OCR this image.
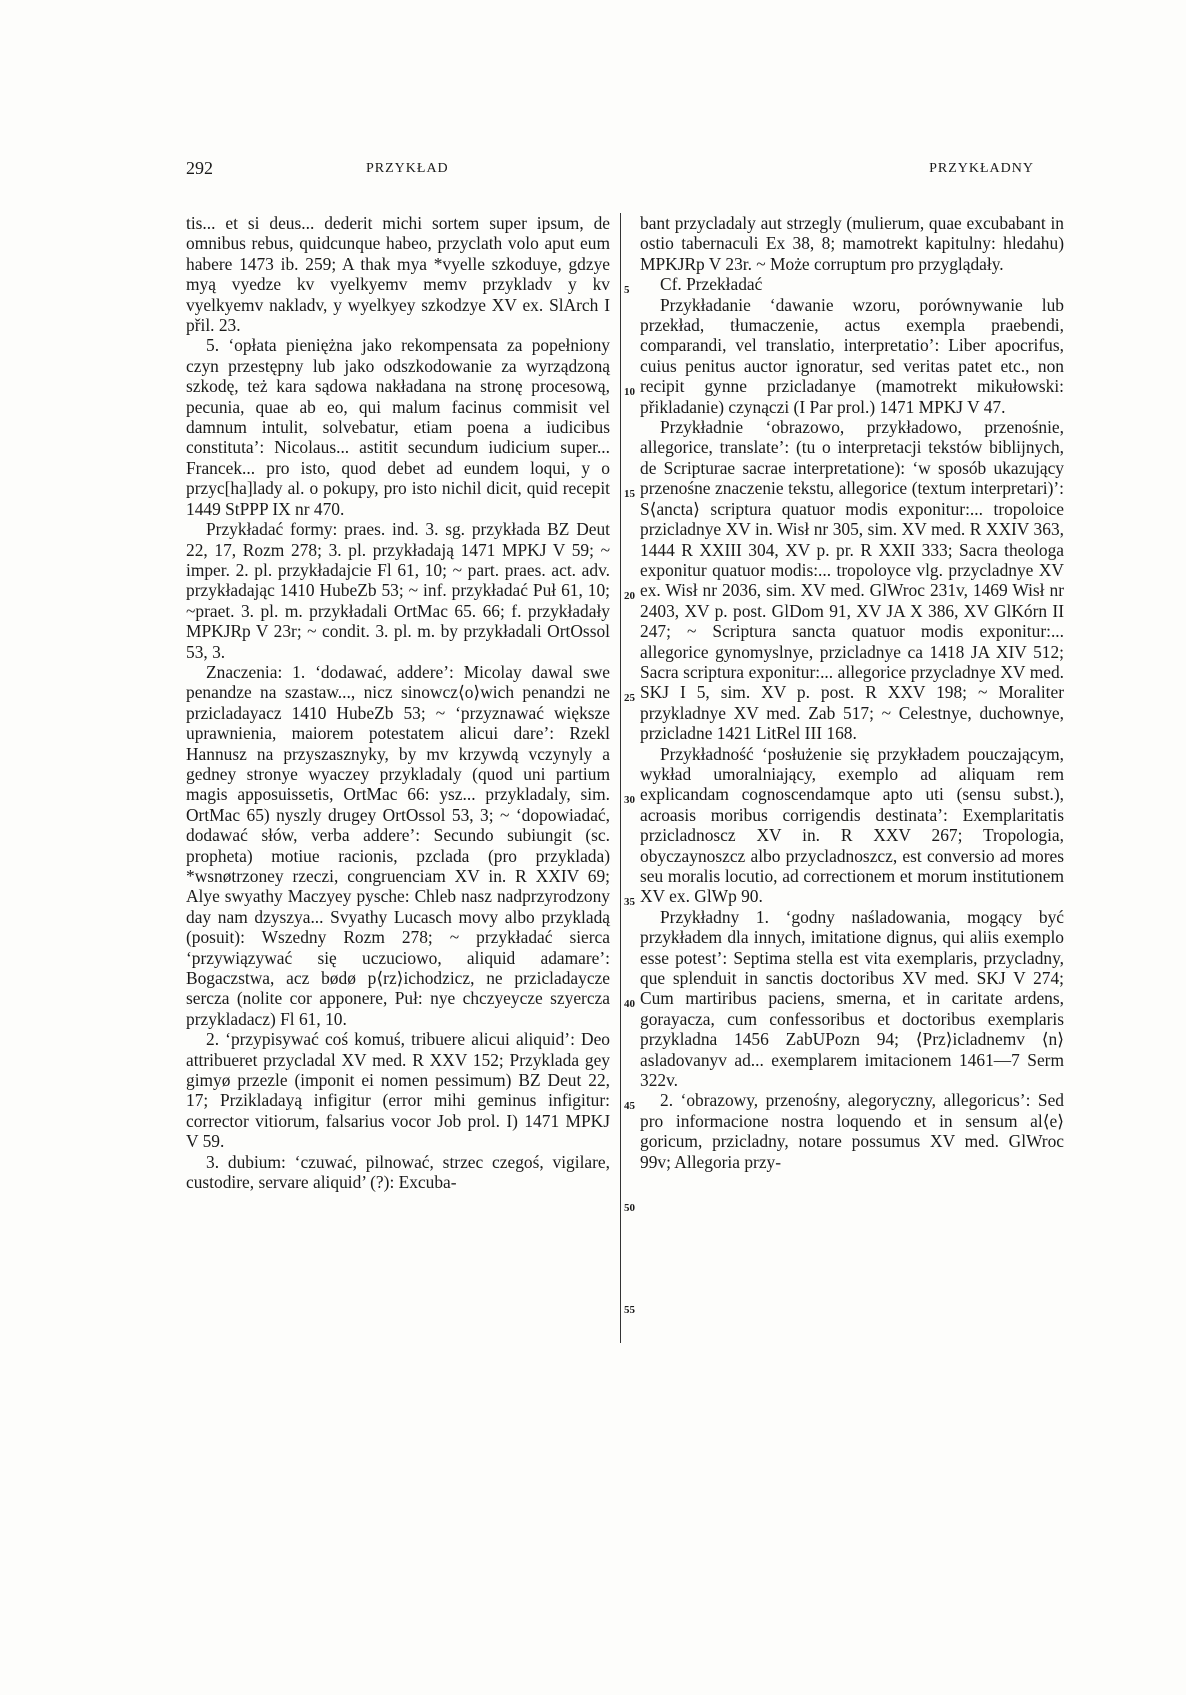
292	PRZYKŁAD	PRZYKŁADNY

tis... et si deus... dederit michi sortem super ipsum, de omnibus rebus, quidcunque habeo, przyclath volo aput eum habere 1473 ib. 259; A thak mya *vyelle szkoduye, gdzye myą vyedze kv vyelkyemv memv przykladv y kv vyelkyemv nakladv, y wyelkyey szkodzye XV ex. SlArch I přil. 23.

5. ‘opłata pieniężna jako rekompensata za popełniony czyn przestępny lub jako odszkodowanie za wyrządzoną szkodę, też kara sądowa nakładana na stronę procesową, pecunia, quae ab eo, qui malum facinus commisit vel damnum intulit, solvebatur, etiam poena a iudicibus constituta’: Nicolaus... astitit secundum iudicium super... Francek... pro isto, quod debet ad eundem loqui, y o przyc[ha]lady al. o pokupy, pro isto nichil dicit, quid recepit 1449 StPPP IX nr 470.

Przykładać formy: praes. ind. 3. sg. przykłada BZ Deut 22, 17, Rozm 278; 3. pl. przykładają 1471 MPKJ V 59; ~ imper. 2. pl. przykładajcie Fl 61, 10; ~ part. praes. act. adv. przykładając 1410 HubeZb 53; ~ inf. przykładać Puł 61, 10; ~praet. 3. pl. m. przykładali OrtMac 65. 66; f. przykładały MPKJRp V 23r; ~ condit. 3. pl. m. by przykładali OrtOssol 53, 3.

Znaczenia: 1. ‘dodawać, addere’: Micolay dawal swe penandze na szastaw..., nicz sinowcz⟨o⟩wich penandzi ne przicladayacz 1410 HubeZb 53; ~ ‘przyznawać większe uprawnienia, maiorem potestatem alicui dare’: Rzekl Hannusz na przyszasznyky, by mv krzywdą vczynyly a gedney stronye wyaczey przykladaly (quod uni partium magis apposuissetis, OrtMac 66: ysz... przykladaly, sim. OrtMac 65) nyszly drugey OrtOssol 53, 3; ~ ‘dopowiadać, dodawać słów, verba addere’: Secundo subiungit (sc. propheta) motiue racionis, pzclada (pro przyklada) *wsnøtrzoney rzeczi, congruenciam XV in. R XXIV 69; Alye swyathy Maczyey pysche: Chleb nasz nadprzyrodzony day nam dzyszya... Svyathy Lucasch movy albo przykladą (posuit): Wszedny Rozm 278; ~ przykładać sierca ‘przywiązywać się uczuciowo, aliquid adamare’: Bogaczstwa, acz bødø p⟨rz⟩ichodzicz, ne przicladaycze sercza (nolite cor apponere, Puł: nye chczyeycze szyercza przykladacz) Fl 61, 10.

2. ‘przypisywać coś komuś, tribuere alicui aliquid’: Deo attribueret przycladal XV med. R XXV 152; Przyklada gey gimyø przezle (imponit ei nomen pessimum) BZ Deut 22, 17; Przikladayą infigitur (error mihi geminus infigitur: corrector vitiorum, falsarius vocor Job prol. I) 1471 MPKJ V 59.

3. dubium: ‘czuwać, pilnować, strzec czegoś, vigilare, custodire, servare aliquid’ (?): Excuba-

5
10
15
20
25
30
35
40
45
50
55

bant przycladaly aut strzegly (mulierum, quae excubabant in ostio tabernaculi Ex 38, 8; mamotrekt kapitulny: hledahu) MPKJRp V 23r. ~ Może corruptum pro przyglądały.

Cf. Przekładać

Przykładanie ‘dawanie wzoru, porównywanie lub przekład, tłumaczenie, actus exempla praebendi, comparandi, vel translatio, interpretatio’: Liber apocrifus, cuius penitus auctor ignoratur, sed veritas patet etc., non recipit gynne przicladanye (mamotrekt mikułowski: přikladanie) czynączi (I Par prol.) 1471 MPKJ V 47.

Przykładnie ‘obrazowo, przykładowo, przenośnie, allegorice, translate’: (tu o interpretacji tekstów biblijnych, de Scripturae sacrae interpretatione): ‘w sposób ukazujący przenośne znaczenie tekstu, allegorice (textum interpretari)’: S⟨ancta⟩ scriptura quatuor modis exponitur:... tropoloice przicladnye XV in. Wisł nr 305, sim. XV med. R XXIV 363, 1444 R XXIII 304, XV p. pr. R XXII 333; Sacra theologa exponitur quatuor modis:... tropoloyce vlg. przycladnye XV ex. Wisł nr 2036, sim. XV med. GlWroc 231v, 1469 Wisł nr 2403, XV p. post. GlDom 91, XV JA X 386, XV GlKórn II 247; ~ Scriptura sancta quatuor modis exponitur:... allegorice gynomyslnye, przicladnye ca 1418 JA XIV 512; Sacra scriptura exponitur:... allegorice przycladnye XV med. SKJ I 5, sim. XV p. post. R XXV 198; ~ Moraliter przykladnye XV med. Zab 517; ~ Celestnye, duchownye, przicladne 1421 LitRel III 168.

Przykładność ‘posłużenie się przykładem pouczającym, wykład umoralniający, exemplo ad aliquam rem explicandam cognoscendamque apto uti (sensu subst.), acroasis moribus corrigendis destinata’: Exemplaritatis przicladnoscz XV in. R XXV 267; Tropologia, obyczaynoszcz albo przycladnoszcz, est conversio ad mores seu moralis locutio, ad correctionem et morum institutionem XV ex. GlWp 90.

Przykładny 1. ‘godny naśladowania, mogący być przykładem dla innych, imitatione dignus, qui aliis exemplo esse potest’: Septima stella est vita exemplaris, przycladny, que splenduit in sanctis doctoribus XV med. SKJ V 274; Cum martiribus paciens, smerna, et in caritate ardens, gorayacza, cum confessoribus et doctoribus exemplaris przykladna 1456 ZabUPozn 94; ⟨Prz⟩icladnemv ⟨n⟩asladovanyv ad... exemplarem imitacionem 1461—7 Serm 322v.

2. ‘obrazowy, przenośny, alegoryczny, allegoricus’: Sed pro informacione nostra loquendo et in sensum al⟨e⟩goricum, przicladny, notare possumus XV med. GlWroc 99v; Allegoria przy-
